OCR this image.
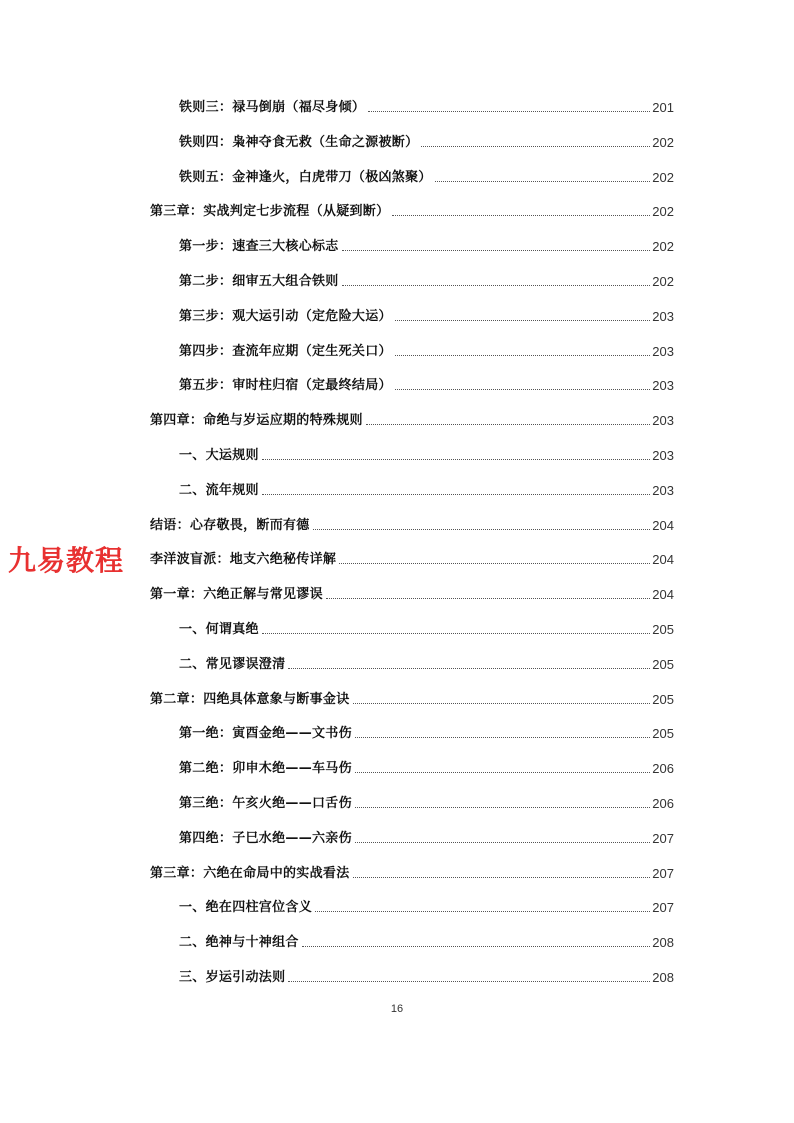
铁则三：禄马倒崩（福尽身倾）	201
铁则四：枭神夺食无救（生命之源被断）	202
铁则五：金神逢火，白虎带刀（极凶煞聚）	202
第三章：实战判定七步流程（从疑到断）	202
第一步：速查三大核心标志	202
第二步：细审五大组合铁则	202
第三步：观大运引动（定危险大运）	203
第四步：查流年应期（定生死关口）	203
第五步：审时柱归宿（定最终结局）	203
第四章：命绝与岁运应期的特殊规则	203
一、大运规则	203
二、流年规则	203
结语：心存敬畏，断而有德	204
李洋波盲派：地支六绝秘传详解	204
第一章：六绝正解与常见谬误	204
一、何谓真绝	205
二、常见谬误澄清	205
第二章：四绝具体意象与断事金诀	205
第一绝：寅酉金绝——文书伤	205
第二绝：卯申木绝——车马伤	206
第三绝：午亥火绝——口舌伤	206
第四绝：子巳水绝——六亲伤	207
第三章：六绝在命局中的实战看法	207
一、绝在四柱宫位含义	207
二、绝神与十神组合	208
三、岁运引动法则	208
九易教程
16
